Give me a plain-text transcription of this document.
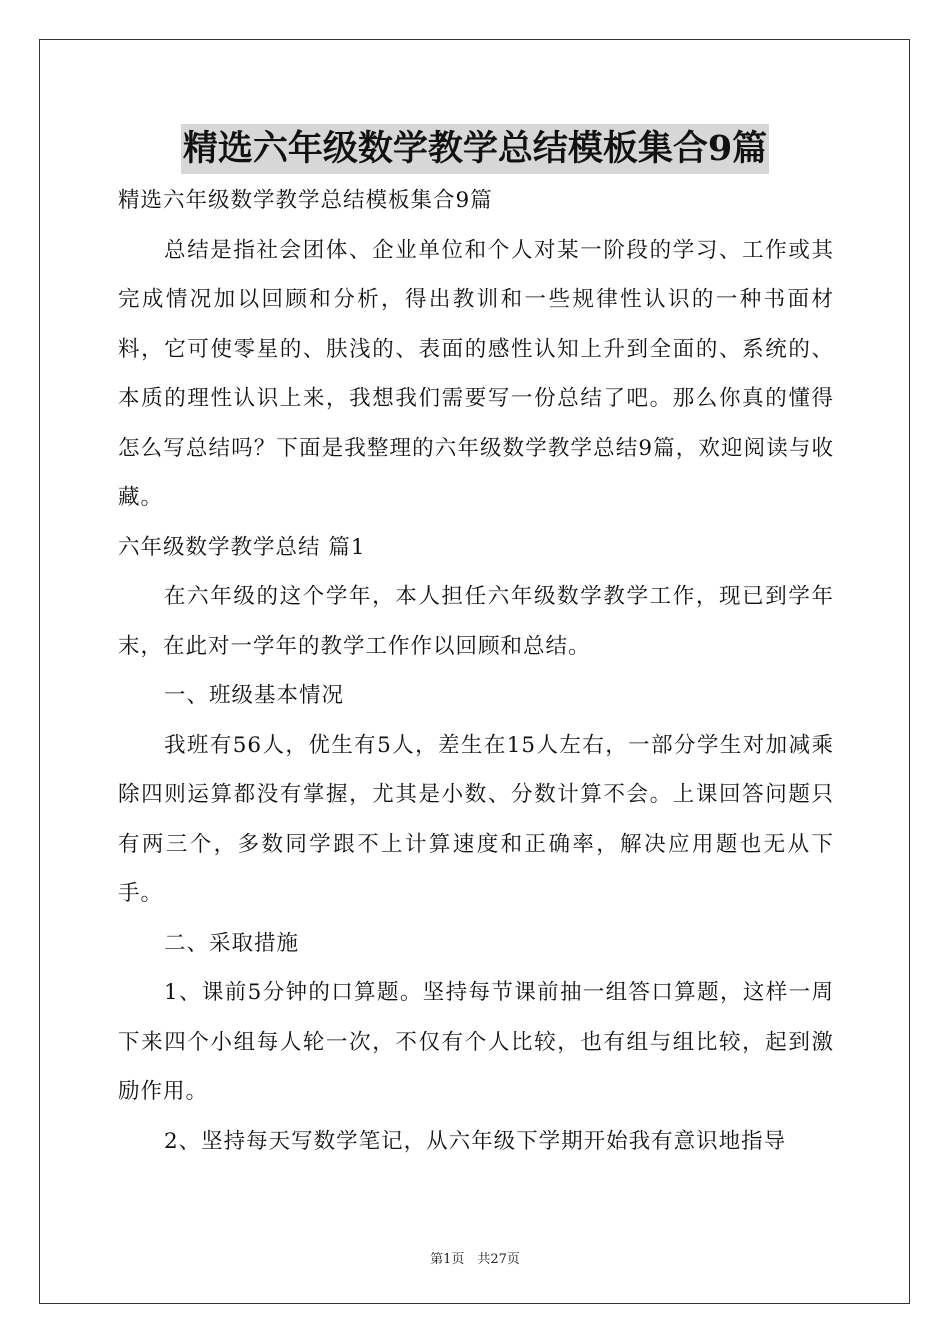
精选六年级数学教学总结模板集合9篇

精选六年级数学教学总结模板集合9篇

总结是指社会团体、企业单位和个人对某一阶段的学习、工作或其完成情况加以回顾和分析，得出教训和一些规律性认识的一种书面材料，它可使零星的、肤浅的、表面的感性认知上升到全面的、系统的、本质的理性认识上来，我想我们需要写一份总结了吧。那么你真的懂得怎么写总结吗？下面是我整理的六年级数学教学总结9篇，欢迎阅读与收藏。

六年级数学教学总结 篇1

在六年级的这个学年，本人担任六年级数学教学工作，现已到学年末，在此对一学年的教学工作作以回顾和总结。

一、班级基本情况

我班有56人，优生有5人，差生在15人左右，一部分学生对加减乘除四则运算都没有掌握，尤其是小数、分数计算不会。上课回答问题只有两三个，多数同学跟不上计算速度和正确率，解决应用题也无从下手。

二、采取措施

1、课前5分钟的口算题。坚持每节课前抽一组答口算题，这样一周下来四个小组每人轮一次，不仅有个人比较，也有组与组比较，起到激励作用。

2、坚持每天写数学笔记，从六年级下学期开始我有意识地指导

第1页　共27页
